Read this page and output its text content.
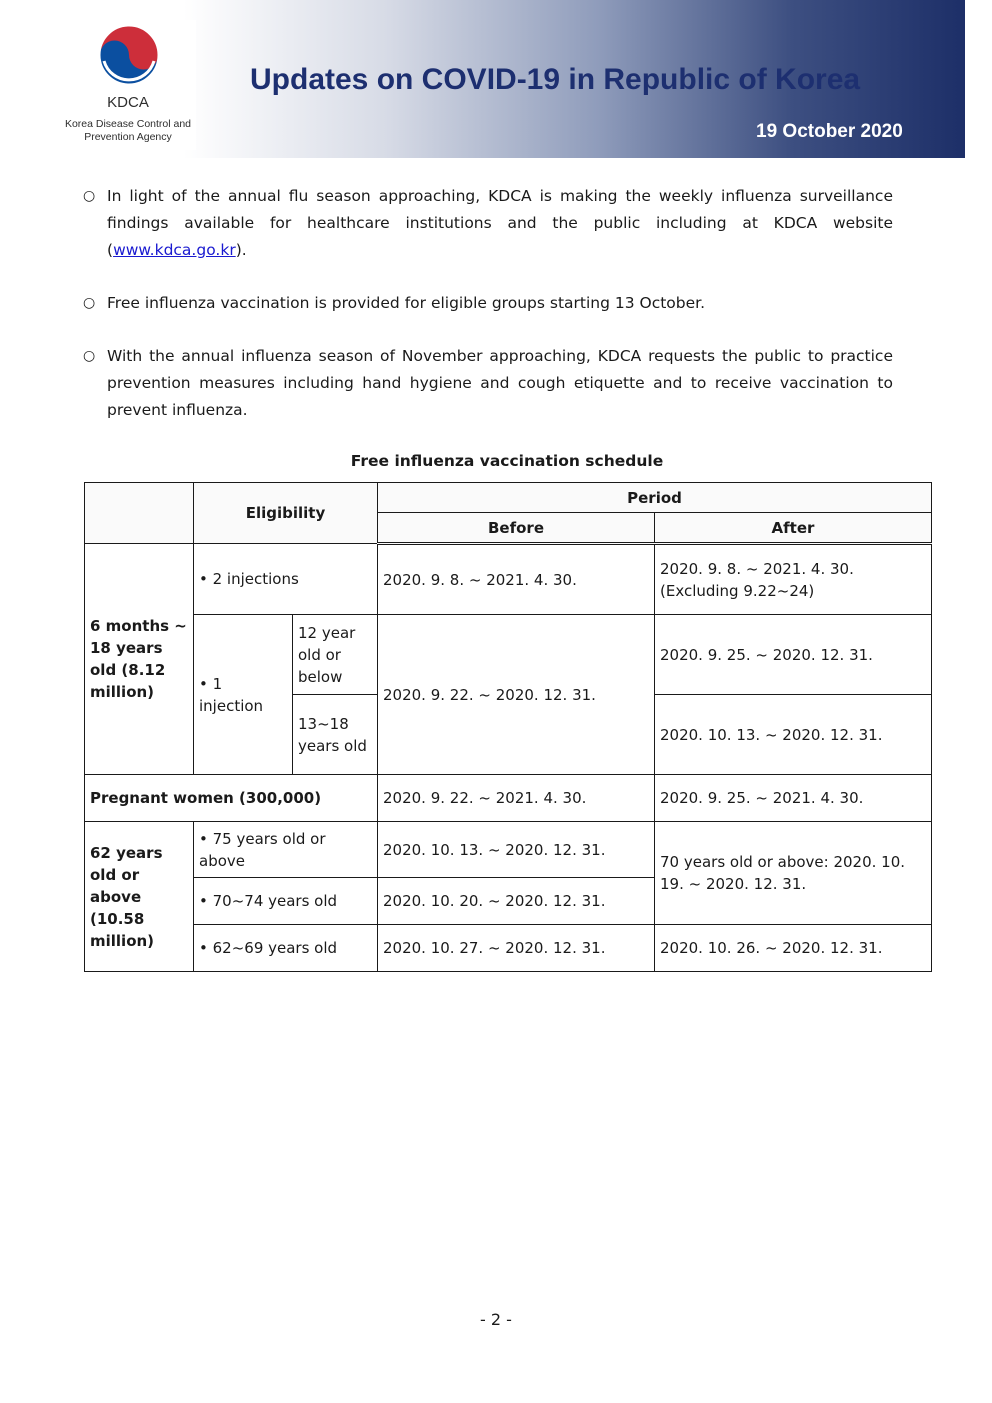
KDCA
Korea Disease Control and
Prevention Agency
Updates on COVID-19 in Republic of Korea
19 October 2020
○ In light of the annual flu season approaching, KDCA is making the weekly influenza surveillance findings available for healthcare institutions and the public including at KDCA website (www.kdca.go.kr).
○ Free influenza vaccination is provided for eligible groups starting 13 October.
○ With the annual influenza season of November approaching, KDCA requests the public to practice prevention measures including hand hygiene and cough etiquette and to receive vaccination to prevent influenza.
Free influenza vaccination schedule
	Eligibility		Period	
			Before	After
6 months ~ 18 years old (8.12 million)	• 2 injections		2020. 9. 8. ~ 2021. 4. 30.	2020. 9. 8. ~ 2021. 4. 30. (Excluding 9.22~24)
	• 1 injection	12 year old or below	2020. 9. 22. ~ 2020. 12. 31.	2020. 9. 25. ~ 2020. 12. 31.
		13~18 years old		2020. 10. 13. ~ 2020. 12. 31.
Pregnant women (300,000)			2020. 9. 22. ~ 2021. 4. 30.	2020. 9. 25. ~ 2021. 4. 30.
62 years old or above (10.58 million)	• 75 years old or above		2020. 10. 13. ~ 2020. 12. 31.	70 years old or above: 2020. 10. 19. ~ 2020. 12. 31.
	• 70~74 years old		2020. 10. 20. ~ 2020. 12. 31.	
	• 62~69 years old		2020. 10. 27. ~ 2020. 12. 31.	2020. 10. 26. ~ 2020. 12. 31.
- 2 -
